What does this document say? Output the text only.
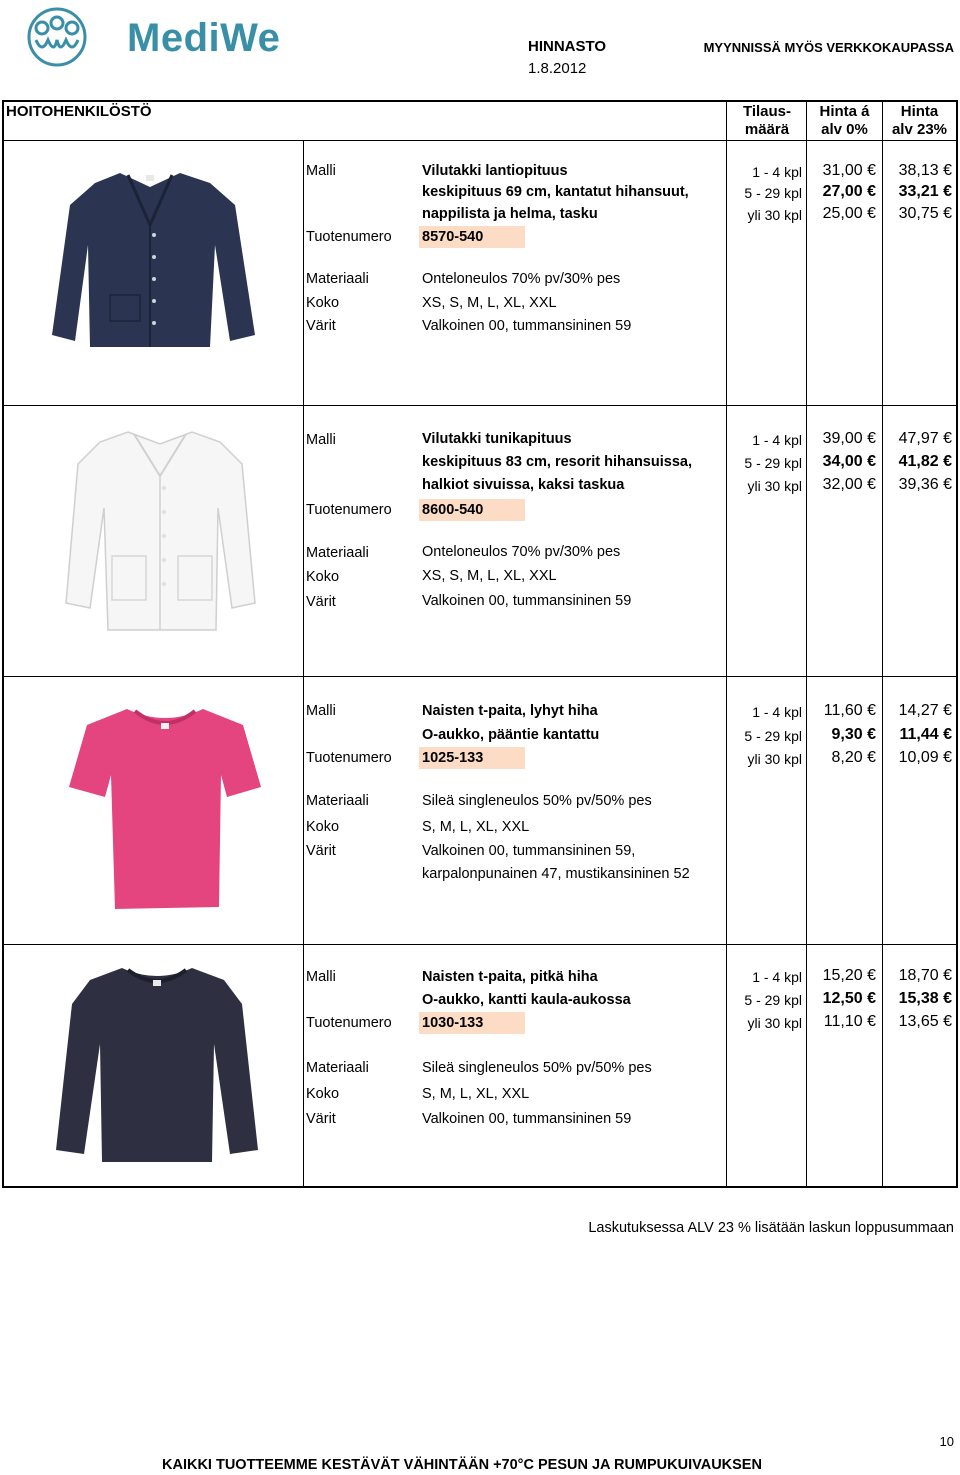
MediWe	HINNASTO
1.8.2012
MYYNNISSÄ MYÖS VERKKOKAUPASSA
HOITOHENKILÖSTÖ	Tilaus-
määrä
Hinta á
alv 0%
Hinta
alv 23%
Malli	Vilutakki lantiopituus
keskipituus 69 cm, kantatut hihansuut,
nappilista ja helma, tasku
Tuotenumero 8570-540
Materiaali	Onteloneulos 70% pv/30% pes
Koko	XS, S, M, L, XL, XXL
Värit	Valkoinen 00, tummansininen 59
1 - 4 kpl 31,00 € 38,13 €
5 - 29 kpl 27,00 € 33,21 €
yli 30 kpl 25,00 € 30,75 €
Malli	Vilutakki tunikapituus
keskipituus 83 cm, resorit hihansuissa,
halkiot sivuissa, kaksi taskua
Tuotenumero 8600-540
Materiaali	Onteloneulos 70% pv/30% pes
Koko	XS, S, M, L, XL, XXL
Värit	Valkoinen 00, tummansininen 59
1 - 4 kpl 39,00 € 47,97 €
5 - 29 kpl 34,00 € 41,82 €
yli 30 kpl 32,00 € 39,36 €
Malli	Naisten t-paita, lyhyt hiha
O-aukko, pääntie kantattu
Tuotenumero 1025-133
Materiaali	Sileä singleneulos 50% pv/50% pes
Koko	S, M, L, XL, XXL
Värit	Valkoinen 00, tummansininen 59,
karpalonpunainen 47, mustikansininen 52
1 - 4 kpl 11,60 € 14,27 €
5 - 29 kpl 9,30 € 11,44 €
yli 30 kpl 8,20 € 10,09 €
Malli	Naisten t-paita, pitkä hiha
O-aukko, kantti kaula-aukossa
Tuotenumero 1030-133
Materiaali	Sileä singleneulos 50% pv/50% pes
Koko	S, M, L, XL, XXL
Värit	Valkoinen 00, tummansininen 59
1 - 4 kpl 15,20 € 18,70 €
5 - 29 kpl 12,50 € 15,38 €
yli 30 kpl 11,10 € 13,65 €
Laskutuksessa ALV 23 % lisätään laskun loppusummaan
10
KAIKKI TUOTTEEMME KESTÄVÄT VÄHINTÄÄN +70°C PESUN JA RUMPUKUIVAUKSEN
